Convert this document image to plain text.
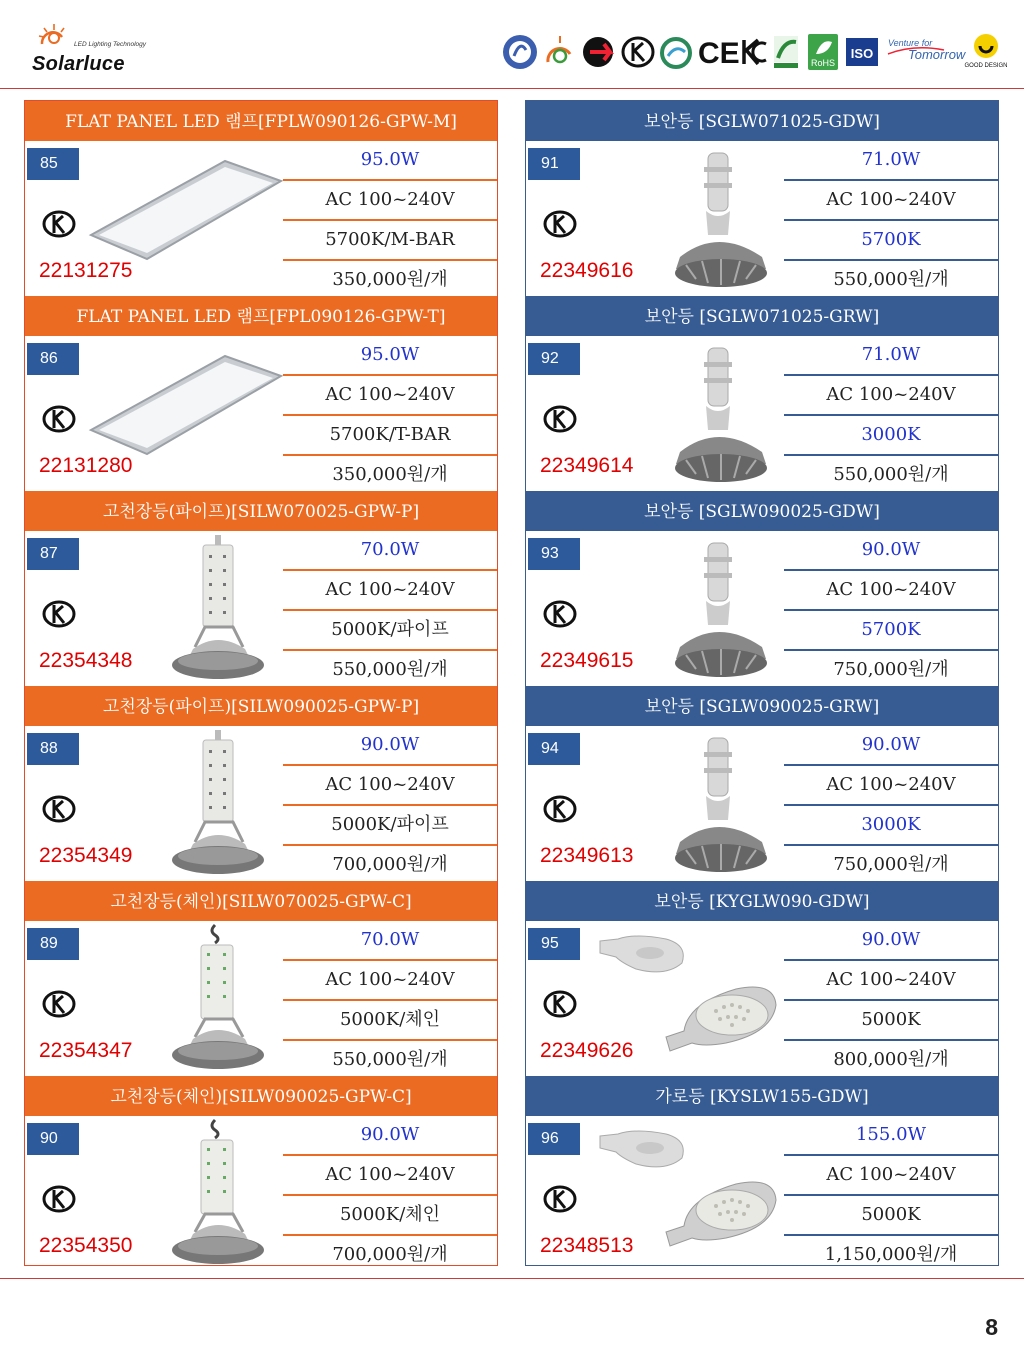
LED Lighting Technology
Solarluce	CE	RoHS
ISO
Venture for
Tomorrow
GOOD DESIGN
FLAT PANEL LED 램프[FPLW090126-GPW-M]
85
22131275
95.0W
AC 100~240V
5700K/M-BAR
350,000원/개
FLAT PANEL LED 램프[FPL090126-GPW-T]
86
22131280
95.0W
AC 100~240V
5700K/T-BAR
350,000원/개
고천장등(파이프)[SILW070025-GPW-P]
87
22354348
70.0W
AC 100~240V
5000K/파이프
550,000원/개
고천장등(파이프)[SILW090025-GPW-P]
88
22354349
90.0W
AC 100~240V
5000K/파이프
700,000원/개
고천장등(체인)[SILW070025-GPW-C]
89
22354347
70.0W
AC 100~240V
5000K/체인
550,000원/개
고천장등(체인)[SILW090025-GPW-C]
90
22354350
90.0W
AC 100~240V
5000K/체인
700,000원/개
보안등 [SGLW071025-GDW]
91
22349616
71.0W
AC 100~240V
5700K
550,000원/개
보안등 [SGLW071025-GRW]
92
22349614
71.0W
AC 100~240V
3000K
550,000원/개
보안등 [SGLW090025-GDW]
93
22349615
90.0W
AC 100~240V
5700K
750,000원/개
보안등 [SGLW090025-GRW]
94
22349613
90.0W
AC 100~240V
3000K
750,000원/개
보안등 [KYGLW090-GDW]
95
22349626
90.0W
AC 100~240V
5000K
800,000원/개
가로등 [KYSLW155-GDW]
96
22348513
155.0W
AC 100~240V
5000K
1,150,000원/개
8
